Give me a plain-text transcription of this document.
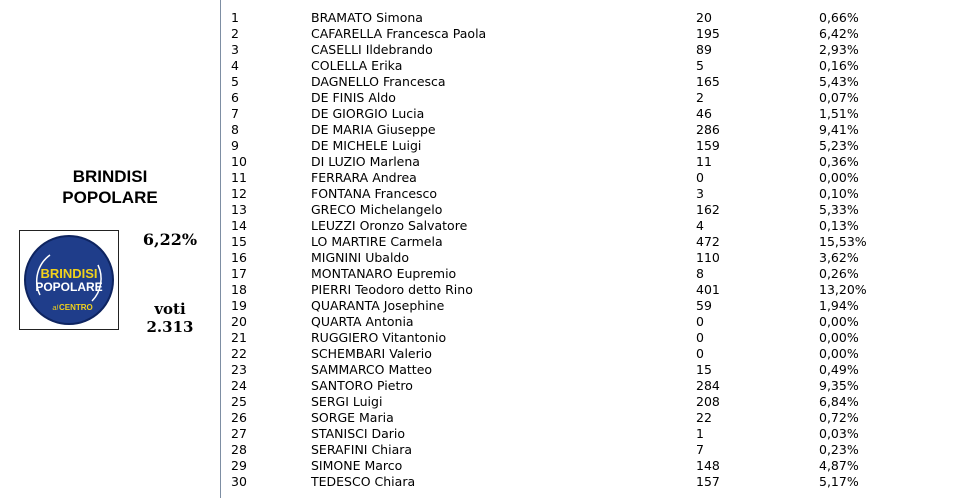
BRINDISI
POPOLARE
BRINDISI
POPOLARE
al CENTRO
6,22%
voti
2.313
1	BRAMATO Simona	20	0,66%
2	CAFARELLA Francesca Paola	195	6,42%
3	CASELLI Ildebrando	89	2,93%
4	COLELLA Erika	5	0,16%
5	DAGNELLO Francesca	165	5,43%
6	DE FINIS Aldo	2	0,07%
7	DE GIORGIO Lucia	46	1,51%
8	DE MARIA Giuseppe	286	9,41%
9	DE MICHELE Luigi	159	5,23%
10	DI LUZIO Marlena	11	0,36%
11	FERRARA Andrea	0	0,00%
12	FONTANA Francesco	3	0,10%
13	GRECO Michelangelo	162	5,33%
14	LEUZZI Oronzo Salvatore	4	0,13%
15	LO MARTIRE Carmela	472	15,53%
16	MIGNINI Ubaldo	110	3,62%
17	MONTANARO Eupremio	8	0,26%
18	PIERRI Teodoro detto Rino	401	13,20%
19	QUARANTA Josephine	59	1,94%
20	QUARTA Antonia	0	0,00%
21	RUGGIERO Vitantonio	0	0,00%
22	SCHEMBARI Valerio	0	0,00%
23	SAMMARCO Matteo	15	0,49%
24	SANTORO Pietro	284	9,35%
25	SERGI Luigi	208	6,84%
26	SORGE Maria	22	0,72%
27	STANISCI Dario	1	0,03%
28	SERAFINI Chiara	7	0,23%
29	SIMONE Marco	148	4,87%
30	TEDESCO Chiara	157	5,17%
